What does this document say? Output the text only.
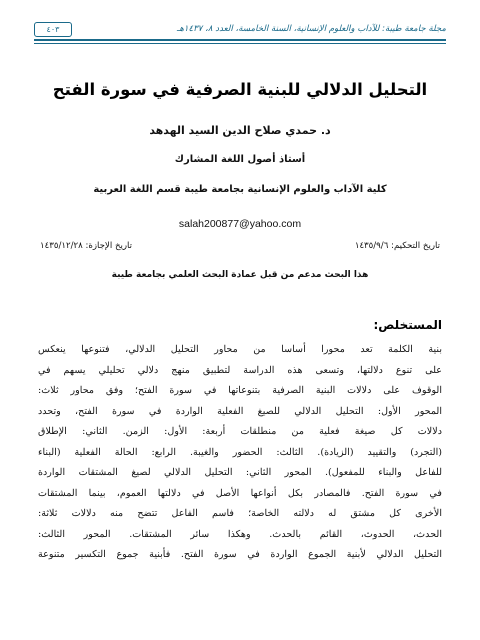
مجلة جامعة طيبة: للآداب والعلوم الإنسانية، السنة الخامسة، العدد ٨، ١٤٣٧هـ
٤٠٣
التحليل الدلالي للبنية الصرفية في سورة الفتح
د. حمدي صلاح الدين السيد الهدهد
أستاذ أصول اللغة المشارك
كلية الآداب والعلوم الإنسانية بجامعة طيبة قسم اللغة العربية
salah200877@yahoo.com
تاريخ التحكيم: ١٤٣٥/٩/٦
تاريخ الإجازة: ١٤٣٥/١٢/٢٨
هذا البحث مدعم من قبل عمادة البحث العلمي بجامعة طيبة
المستخلص:
بنية الكلمة تعد محورا أساسا من محاور التحليل الدلالي، فتنوعها ينعكس
على تنوع دلالتها، وتسعى هذه الدراسة لتطبيق منهج دلالي تحليلي يسهم في
الوقوف على دلالات البنية الصرفية بتنوعاتها في سورة الفتح؛ وفق محاور ثلاث:
المحور الأول: التحليل الدلالي للصيغ الفعلية الواردة في سورة الفتح، وتحدد
دلالات كل صيغة فعلية من منطلقات أربعة: الأول: الزمن. الثاني: الإطلاق
(التجرد) والتقييد (الزيادة). الثالث: الحضور والغيبة. الرابع: الحالة الفعلية (البناء
للفاعل والبناء للمفعول). المحور الثاني: التحليل الدلالي لصيغ المشتقات الواردة
في سورة الفتح. فالمصادر بكل أنواعها الأصل في دلالتها العموم، بينما المشتقات
الأخرى كل مشتق له دلالته الخاصة؛ فاسم الفاعل تتضح منه دلالات ثلاثة:
الحدث، الحدوث، القائم بالحدث. وهكذا سائر المشتقات. المحور الثالث:
التحليل الدلالي لأبنية الجموع الواردة في سورة الفتح. فأبنية جموع التكسير متنوعة
